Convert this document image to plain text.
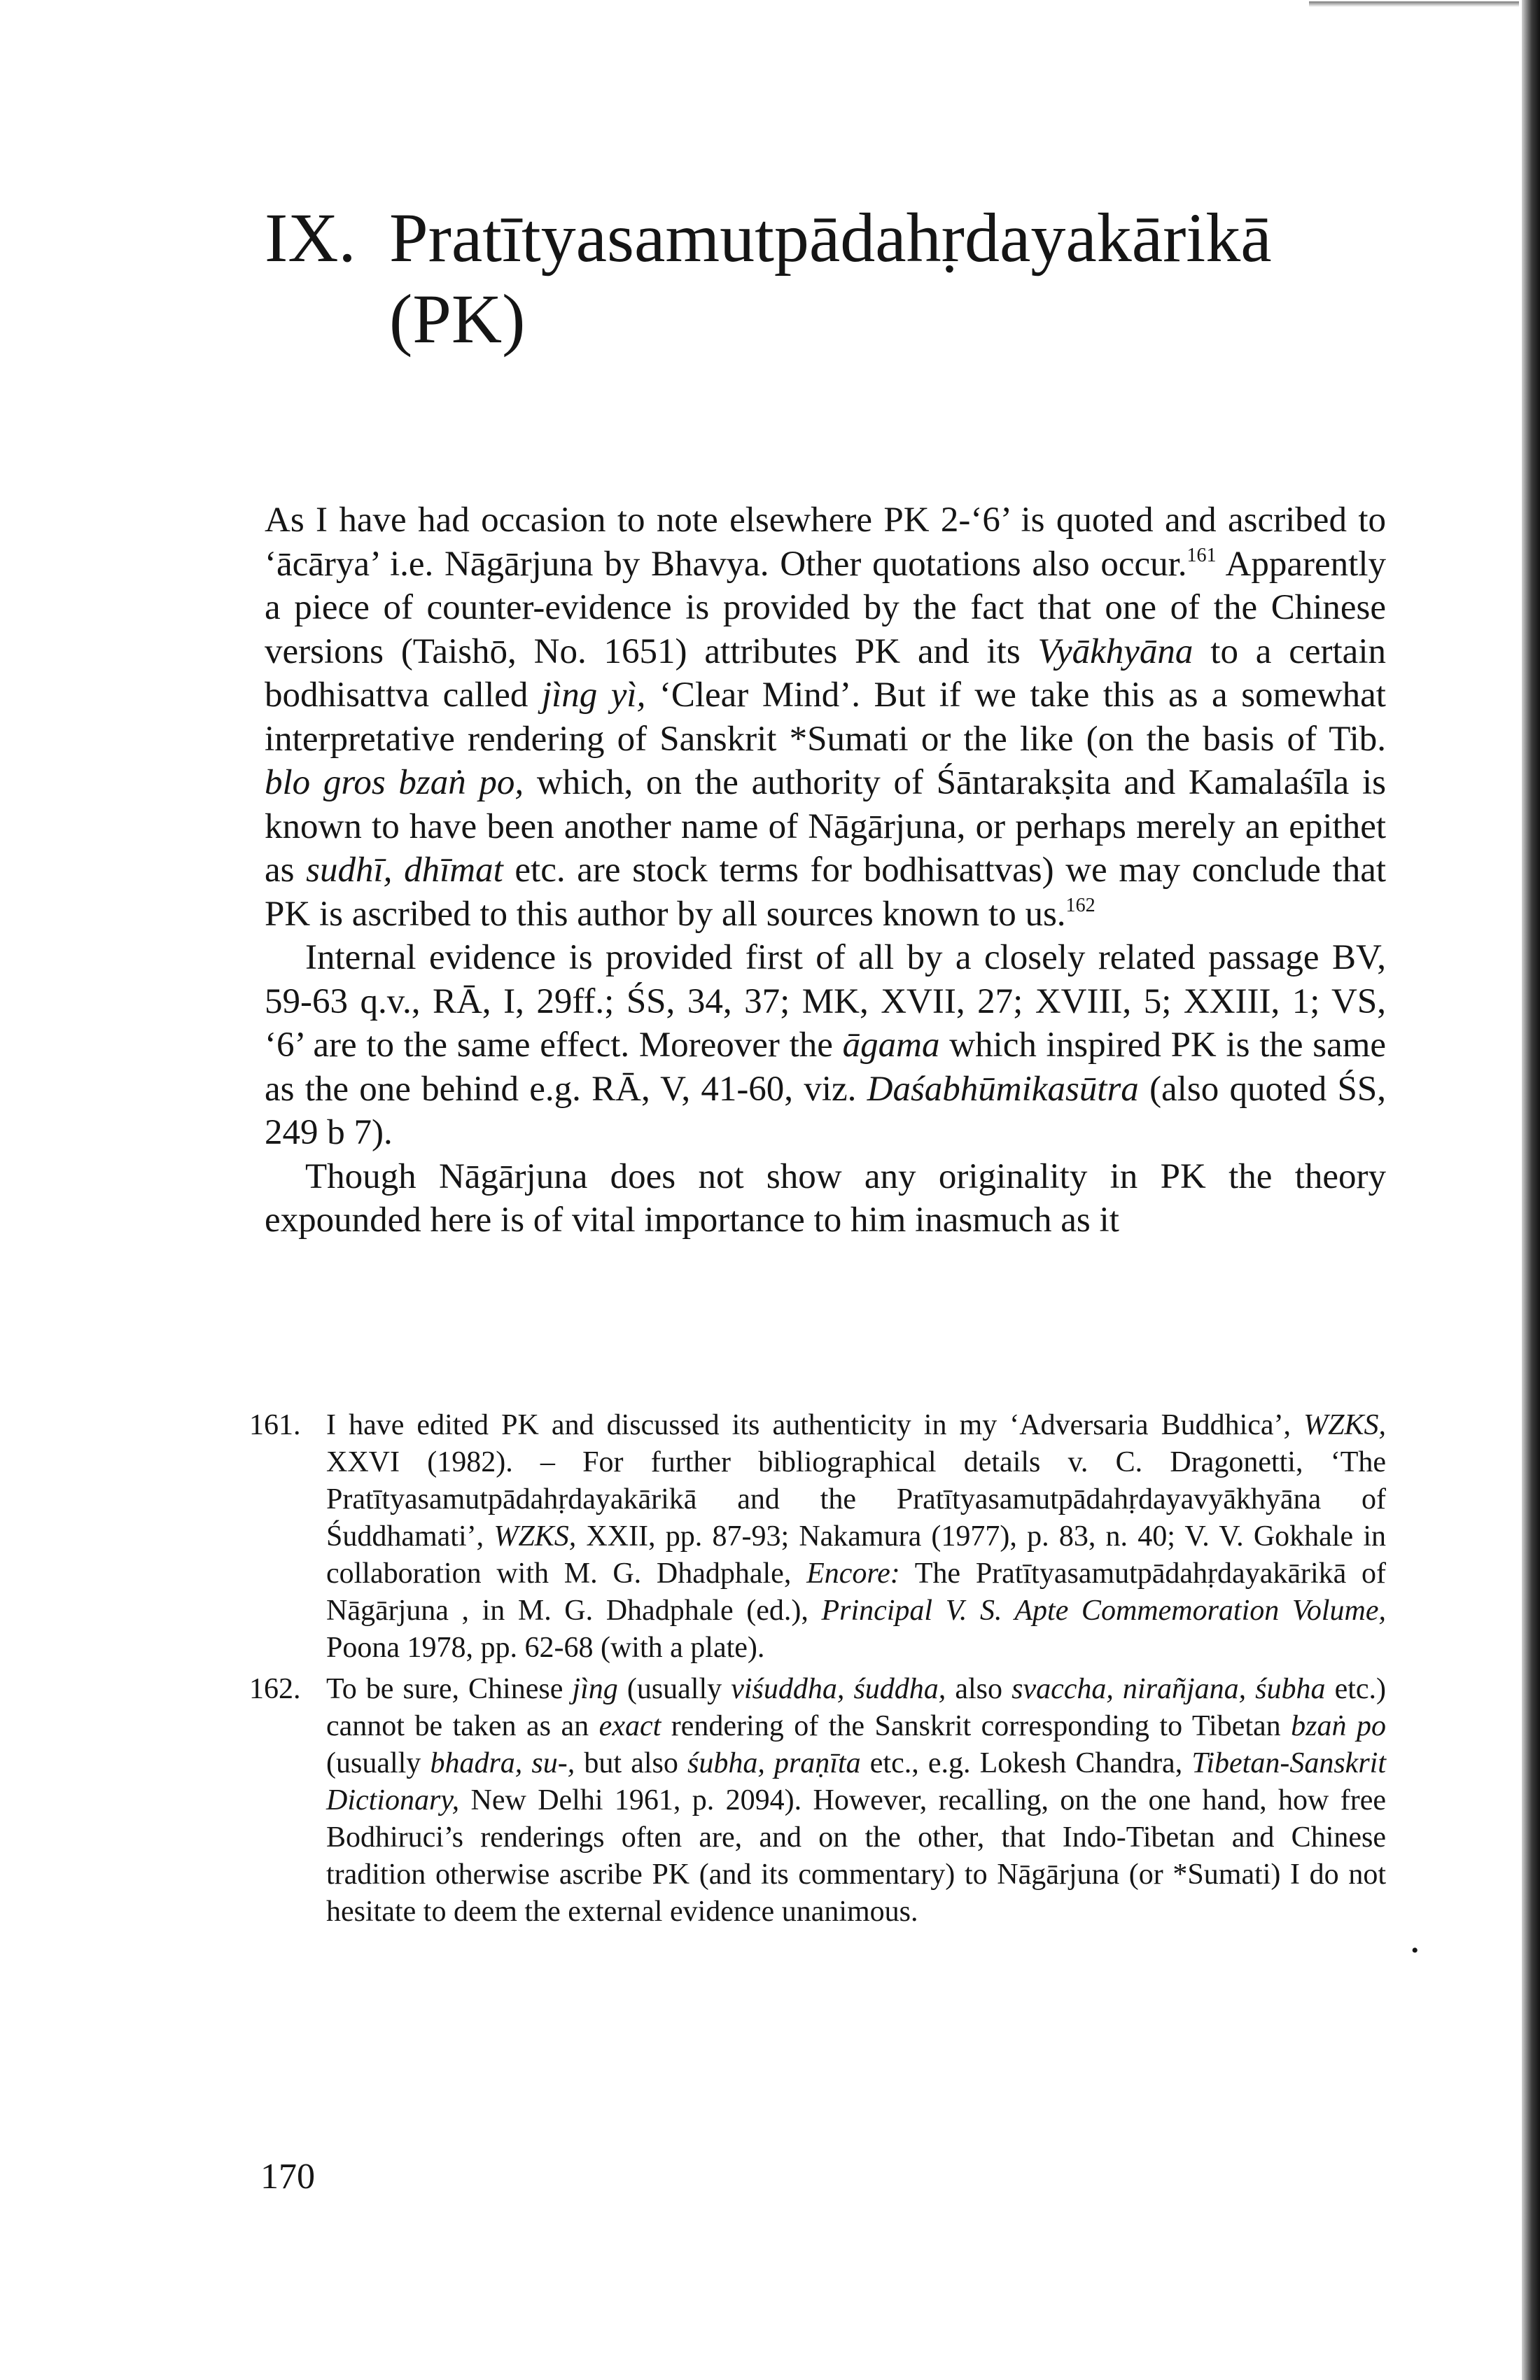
IX. Pratītyasamutpādahṛdayakārikā
(PK)

As I have had occasion to note elsewhere PK 2-‘6’ is quoted and ascribed to ‘ācārya’ i.e. Nāgārjuna by Bhavya. Other quotations also occur.$^{161}$ Apparently a piece of counter-evidence is provided by the fact that one of the Chinese versions (Taishō, No. 1651) attributes PK and its Vyākhyāna to a certain bodhisattva called jìng yì, ‘Clear Mind’. But if we take this as a somewhat interpretative rendering of Sanskrit *Sumati or the like (on the basis of Tib. blo gros bzaṅ po, which, on the authority of Śāntarakṣita and Kamalaśīla is known to have been another name of Nāgārjuna, or perhaps merely an epithet as sudhī, dhīmat etc. are stock terms for bodhisattvas) we may conclude that PK is ascribed to this author by all sources known to us.$^{162}$

Internal evidence is provided first of all by a closely related passage BV, 59-63 q.v., RĀ, I, 29ff.; ŚS, 34, 37; MK, XVII, 27; XVIII, 5; XXIII, 1; VS, ‘6’ are to the same effect. Moreover the āgama which inspired PK is the same as the one behind e.g. RĀ, V, 41-60, viz. Daśabhūmikasūtra (also quoted ŚS, 249 b 7).

Though Nāgārjuna does not show any originality in PK the theory expounded here is of vital importance to him inasmuch as it

161. I have edited PK and discussed its authenticity in my ‘Adversaria Buddhica’, WZKS, XXVI (1982). – For further bibliographical details v. C. Dragonetti, ‘The Pratītyasamutpādahṛdayakārikā and the Pratītyasamutpādahṛdayavyākhyāna of Śuddhamati’, WZKS, XXII, pp. 87-93; Nakamura (1977), p. 83, n. 40; V. V. Gokhale in collaboration with M. G. Dhadphale, Encore: The Pratītyasamutpādahṛdayakārikā of Nāgārjuna , in M. G. Dhadphale (ed.), Principal V. S. Apte Commemoration Volume, Poona 1978, pp. 62-68 (with a plate).
162. To be sure, Chinese jìng (usually viśuddha, śuddha, also svaccha, nirañjana, śubha etc.) cannot be taken as an exact rendering of the Sanskrit corresponding to Tibetan bzaṅ po (usually bhadra, su-, but also śubha, praṇīta etc., e.g. Lokesh Chandra, Tibetan-Sanskrit Dictionary, New Delhi 1961, p. 2094). However, recalling, on the one hand, how free Bodhiruci’s renderings often are, and on the other, that Indo-Tibetan and Chinese tradition otherwise ascribe PK (and its commentary) to Nāgārjuna (or *Sumati) I do not hesitate to deem the external evidence unanimous.
•
170
